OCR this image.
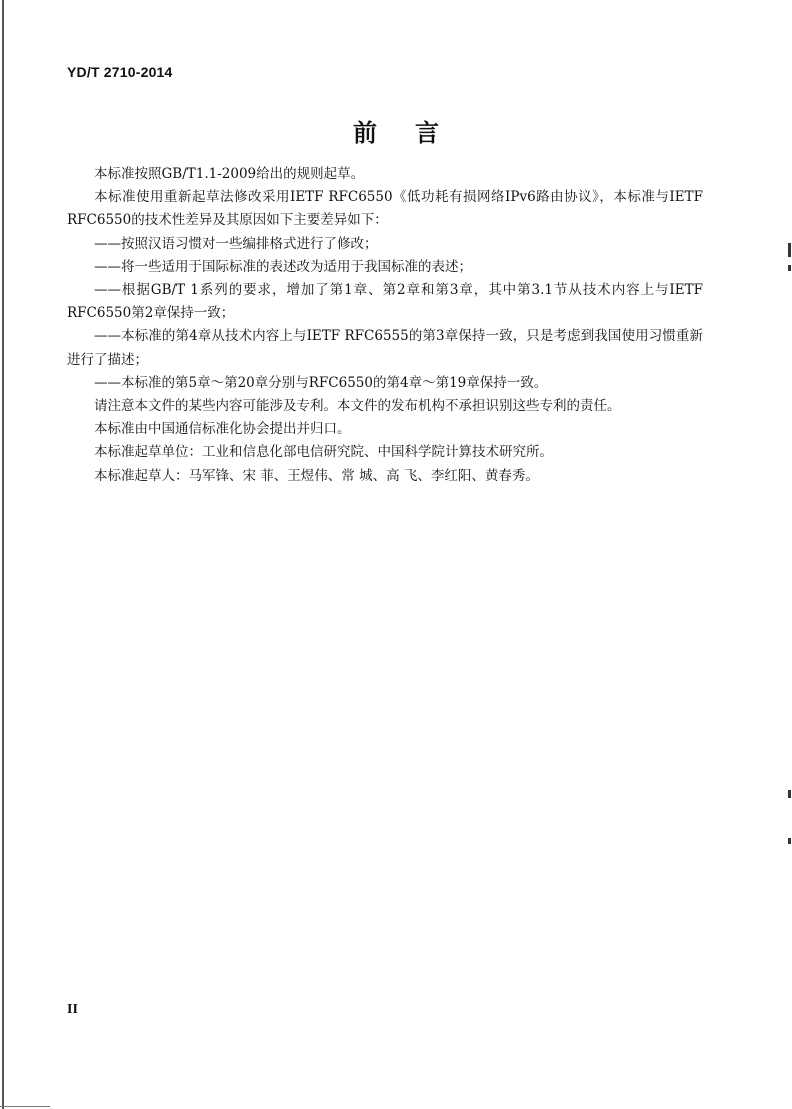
YD/T 2710-2014
前言

本标准按照GB/T1.1-2009给出的规则起草。

本标准使用重新起草法修改采用IETF RFC6550《低功耗有损网络IPv6路由协议》，本标准与IETF RFC6550的技术性差异及其原因如下主要差异如下：

——按照汉语习惯对一些编排格式进行了修改；

——将一些适用于国际标准的表述改为适用于我国标准的表述；

——根据GB/T 1系列的要求，增加了第1章、第2章和第3章，其中第3.1节从技术内容上与IETF RFC6550第2章保持一致；

——本标准的第4章从技术内容上与IETF RFC6555的第3章保持一致，只是考虑到我国使用习惯重新进行了描述；

——本标准的第5章～第20章分别与RFC6550的第4章～第19章保持一致。

请注意本文件的某些内容可能涉及专利。本文件的发布机构不承担识别这些专利的责任。

本标准由中国通信标准化协会提出并归口。

本标准起草单位：工业和信息化部电信研究院、中国科学院计算技术研究所。

本标准起草人：马军锋、宋 菲、王煜伟、常 城、高 飞、李红阳、黄春秀。

II
